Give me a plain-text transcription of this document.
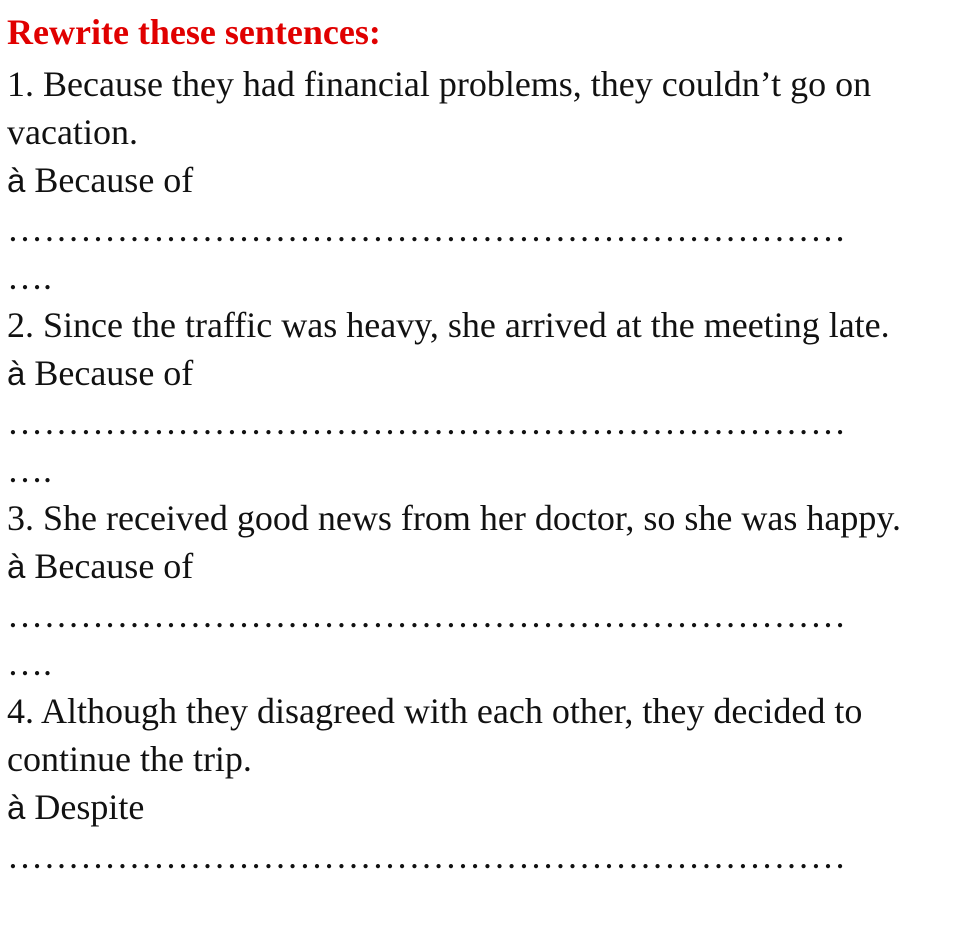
Rewrite these sentences:
1. Because they had financial problems, they couldn’t go on vacation.
à Because of
……………………………………………………………
….
2. Since the traffic was heavy, she arrived at the meeting late.
à Because of
……………………………………………………………
….
3. She received good news from her doctor, so she was happy.
à Because of
……………………………………………………………
….
4. Although they disagreed with each other, they decided to continue the trip.
à Despite
……………………………………………………………
